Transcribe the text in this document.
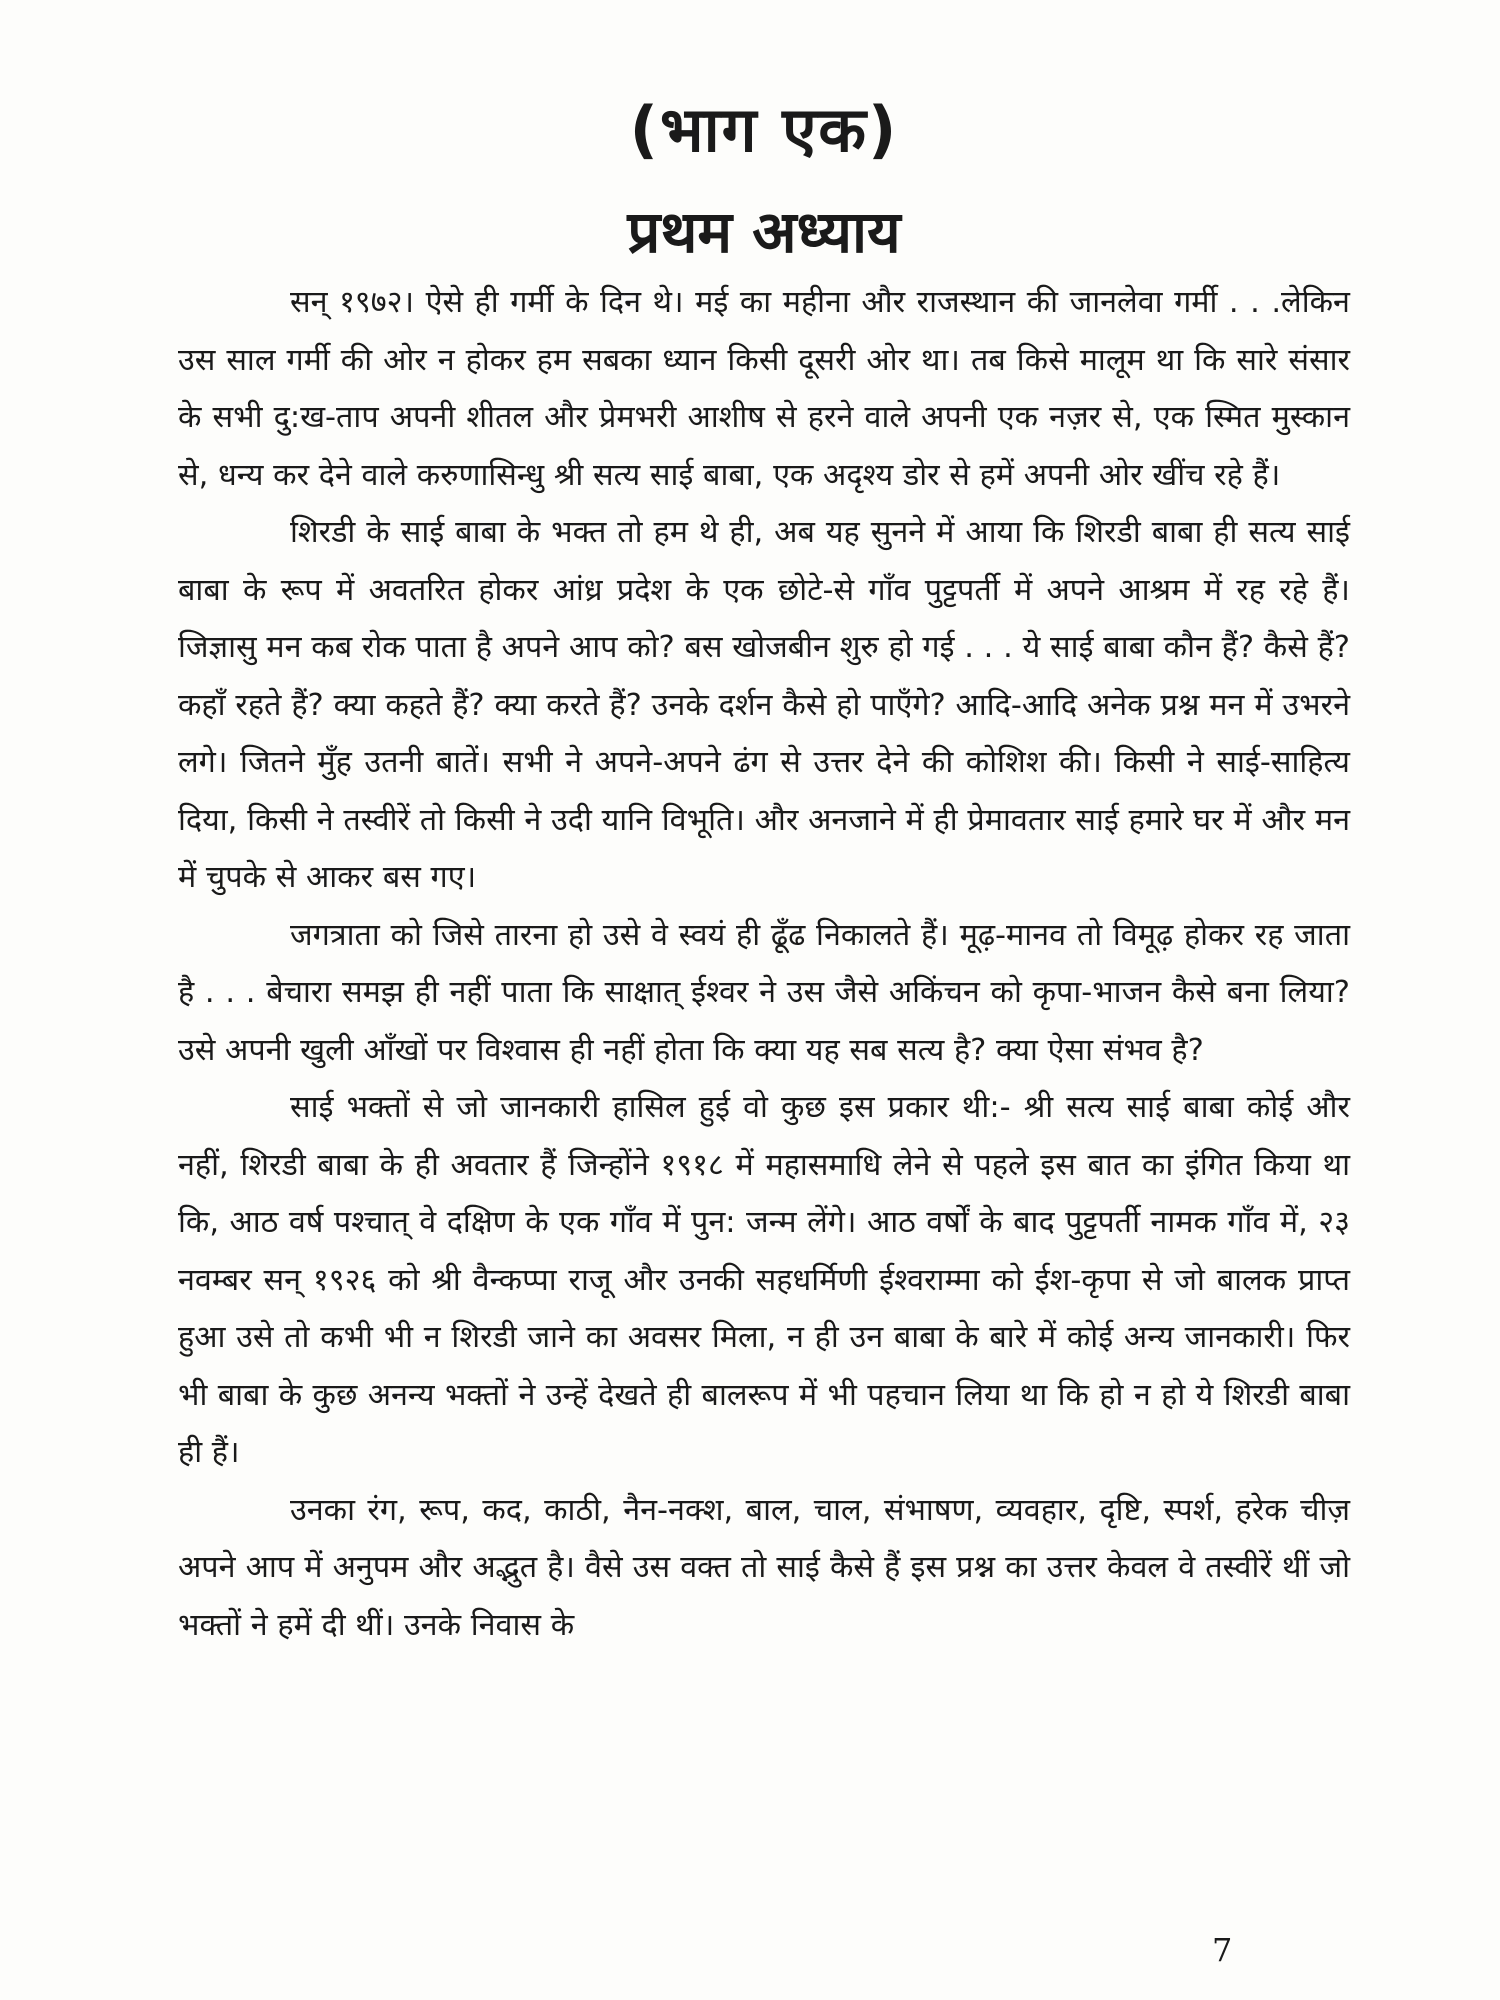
(भाग एक)
प्रथम अध्याय

सन् १९७२। ऐसे ही गर्मी के दिन थे। मई का महीना और राजस्थान की जानलेवा गर्मी . . .लेकिन उस साल गर्मी की ओर न होकर हम सबका ध्यान किसी दूसरी ओर था। तब किसे मालूम था कि सारे संसार के सभी दु:ख-ताप अपनी शीतल और प्रेमभरी आशीष से हरने वाले अपनी एक नज़र से, एक स्मित मुस्कान से, धन्य कर देने वाले करुणासिन्धु श्री सत्य साई बाबा, एक अदृश्य डोर से हमें अपनी ओर खींच रहे हैं।

शिरडी के साई बाबा के भक्त तो हम थे ही, अब यह सुनने में आया कि शिरडी बाबा ही सत्य साई बाबा के रूप में अवतरित होकर आंध्र प्रदेश के एक छोटे-से गाँव पुट्टपर्ती में अपने आश्रम में रह रहे हैं। जिज्ञासु मन कब रोक पाता है अपने आप को? बस खोजबीन शुरु हो गई . . . ये साई बाबा कौन हैं? कैसे हैं? कहाँ रहते हैं? क्या कहते हैं? क्या करते हैं? उनके दर्शन कैसे हो पाएँगे? आदि-आदि अनेक प्रश्न मन में उभरने लगे। जितने मुँह उतनी बातें। सभी ने अपने-अपने ढंग से उत्तर देने की कोशिश की। किसी ने साई-साहित्य दिया, किसी ने तस्वीरें तो किसी ने उदी यानि विभूति। और अनजाने में ही प्रेमावतार साई हमारे घर में और मन में चुपके से आकर बस गए।

जगत्राता को जिसे तारना हो उसे वे स्वयं ही ढूँढ निकालते हैं। मूढ़-मानव तो विमूढ़ होकर रह जाता है . . . बेचारा समझ ही नहीं पाता कि साक्षात् ईश्वर ने उस जैसे अकिंचन को कृपा-भाजन कैसे बना लिया? उसे अपनी खुली आँखों पर विश्वास ही नहीं होता कि क्या यह सब सत्य है? क्या ऐसा संभव है?

साई भक्तों से जो जानकारी हासिल हुई वो कुछ इस प्रकार थी:- श्री सत्य साई बाबा कोई और नहीं, शिरडी बाबा के ही अवतार हैं जिन्होंने १९१८ में महासमाधि लेने से पहले इस बात का इंगित किया था कि, आठ वर्ष पश्चात् वे दक्षिण के एक गाँव में पुन: जन्म लेंगे। आठ वर्षों के बाद पुट्टपर्ती नामक गाँव में, २३ नवम्बर सन् १९२६ को श्री वैन्कप्पा राजू और उनकी सहधर्मिणी ईश्वराम्मा को ईश-कृपा से जो बालक प्राप्त हुआ उसे तो कभी भी न शिरडी जाने का अवसर मिला, न ही उन बाबा के बारे में कोई अन्य जानकारी। फिर भी बाबा के कुछ अनन्य भक्तों ने उन्हें देखते ही बालरूप में भी पहचान लिया था कि हो न हो ये शिरडी बाबा ही हैं।

उनका रंग, रूप, कद, काठी, नैन-नक्श, बाल, चाल, संभाषण, व्यवहार, दृष्टि, स्पर्श, हरेक चीज़ अपने आप में अनुपम और अद्भुत है। वैसे उस वक्त तो साई कैसे हैं इस प्रश्न का उत्तर केवल वे तस्वीरें थीं जो भक्तों ने हमें दी थीं। उनके निवास के

7
